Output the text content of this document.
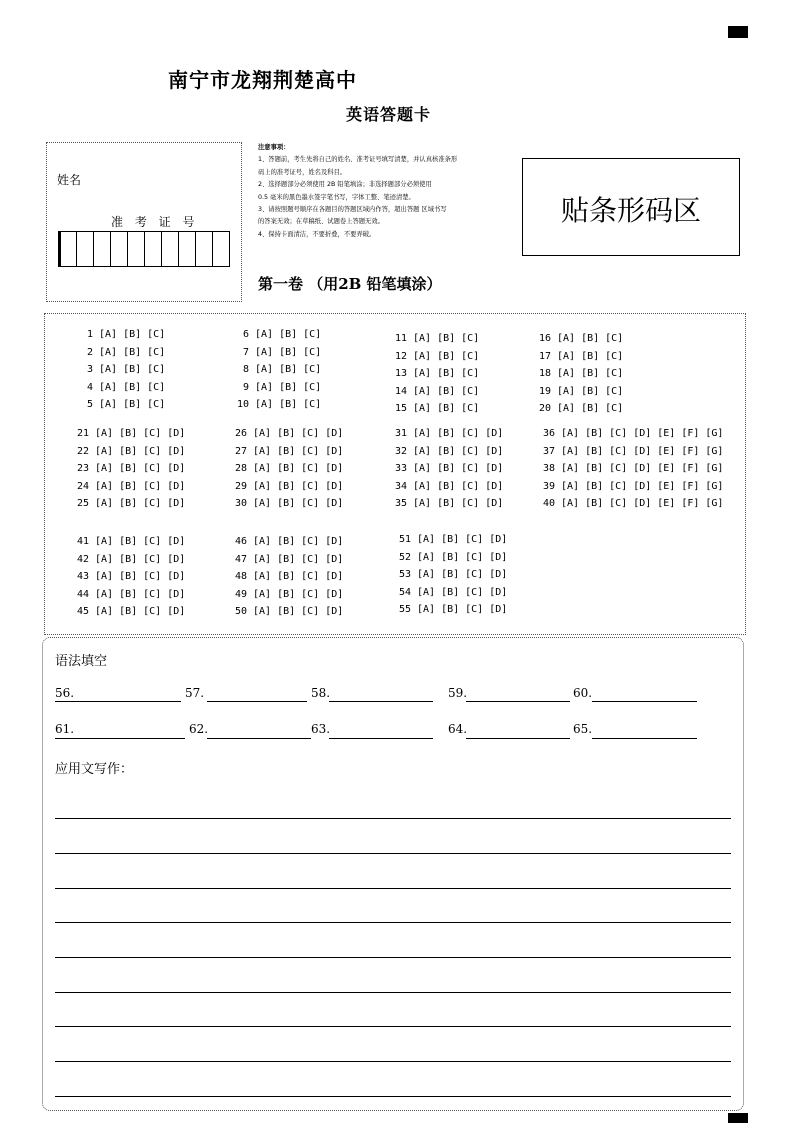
南宁市龙翔荆楚高中
英语答题卡
姓名
准 考 证 号
注意事项：
1、答题前，考生先将自己的姓名、准考证号填写清楚，并认真核准条形
码上的准考证号，姓名及科目。
2、选择题部分必须使用 2B 铅笔填涂；非选择题部分必须使用
0.5 毫米的黑色墨水签字笔书写，字体工整、笔迹清楚。
3、请按照题号顺序在各题目的答题区域内作答，超出答题 区域书写
的答案无效；在草稿纸、试题卷上答题无效。
4、保持卡面清洁，不要折叠，不要弄破。
贴条形码区
第一卷 （用2B 铅笔填涂）
1 [A] [B] [C]
2 [A] [B] [C]
3 [A] [B] [C]
4 [A] [B] [C]
5 [A] [B] [C]
6 [A] [B] [C]
7 [A] [B] [C]
8 [A] [B] [C]
9 [A] [B] [C]
10 [A] [B] [C]
11 [A] [B] [C]
12 [A] [B] [C]
13 [A] [B] [C]
14 [A] [B] [C]
15 [A] [B] [C]
16 [A] [B] [C]
17 [A] [B] [C]
18 [A] [B] [C]
19 [A] [B] [C]
20 [A] [B] [C]
21 [A] [B] [C] [D]
22 [A] [B] [C] [D]
23 [A] [B] [C] [D]
24 [A] [B] [C] [D]
25 [A] [B] [C] [D]
26 [A] [B] [C] [D]
27 [A] [B] [C] [D]
28 [A] [B] [C] [D]
29 [A] [B] [C] [D]
30 [A] [B] [C] [D]
31 [A] [B] [C] [D]
32 [A] [B] [C] [D]
33 [A] [B] [C] [D]
34 [A] [B] [C] [D]
35 [A] [B] [C] [D]
36 [A] [B] [C] [D] [E] [F] [G]
37 [A] [B] [C] [D] [E] [F] [G]
38 [A] [B] [C] [D] [E] [F] [G]
39 [A] [B] [C] [D] [E] [F] [G]
40 [A] [B] [C] [D] [E] [F] [G]
41 [A] [B] [C] [D]
42 [A] [B] [C] [D]
43 [A] [B] [C] [D]
44 [A] [B] [C] [D]
45 [A] [B] [C] [D]
46 [A] [B] [C] [D]
47 [A] [B] [C] [D]
48 [A] [B] [C] [D]
49 [A] [B] [C] [D]
50 [A] [B] [C] [D]
51 [A] [B] [C] [D]
52 [A] [B] [C] [D]
53 [A] [B] [C] [D]
54 [A] [B] [C] [D]
55 [A] [B] [C] [D]
语法填空
56.	57.	58.	59.	60.
61.	62.	63.	64.	65.
应用文写作：
